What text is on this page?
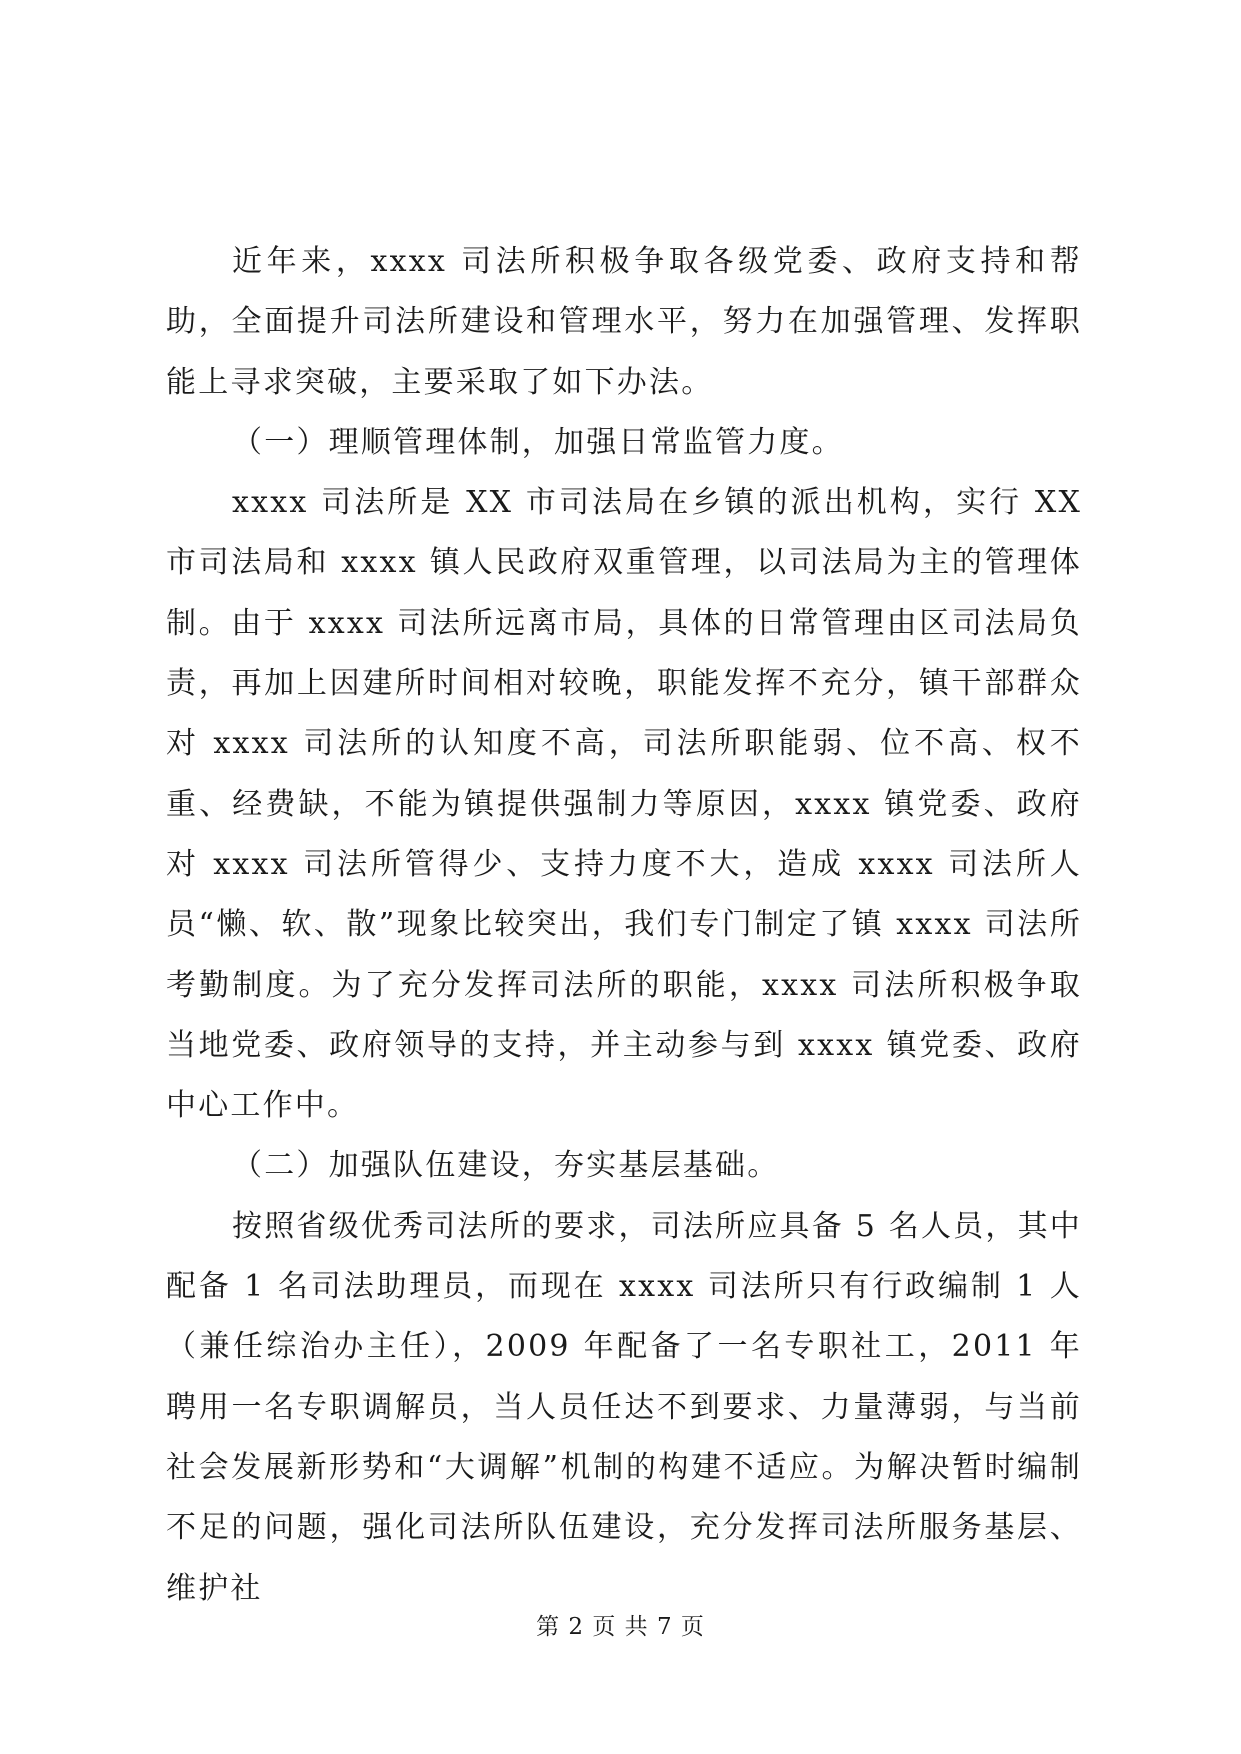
近年来，xxxx 司法所积极争取各级党委、政府支持和帮助，全面提升司法所建设和管理水平，努力在加强管理、发挥职能上寻求突破，主要采取了如下办法。

（一）理顺管理体制，加强日常监管力度。

xxxx 司法所是 XX 市司法局在乡镇的派出机构，实行 XX 市司法局和 xxxx 镇人民政府双重管理，以司法局为主的管理体制。由于 xxxx 司法所远离市局，具体的日常管理由区司法局负责，再加上因建所时间相对较晚，职能发挥不充分，镇干部群众对 xxxx 司法所的认知度不高，司法所职能弱、位不高、权不重、经费缺，不能为镇提供强制力等原因，xxxx 镇党委、政府对 xxxx 司法所管得少、支持力度不大，造成 xxxx 司法所人员“懒、软、散”现象比较突出，我们专门制定了镇 xxxx 司法所考勤制度。为了充分发挥司法所的职能，xxxx 司法所积极争取当地党委、政府领导的支持，并主动参与到 xxxx 镇党委、政府中心工作中。

（二）加强队伍建设，夯实基层基础。

按照省级优秀司法所的要求，司法所应具备 5 名人员，其中配备 1 名司法助理员，而现在 xxxx 司法所只有行政编制 1 人（兼任综治办主任），2009 年配备了一名专职社工，2011 年聘用一名专职调解员，当人员任达不到要求、力量薄弱，与当前社会发展新形势和“大调解”机制的构建不适应。为解决暂时编制不足的问题，强化司法所队伍建设，充分发挥司法所服务基层、维护社

第 2 页 共 7 页
